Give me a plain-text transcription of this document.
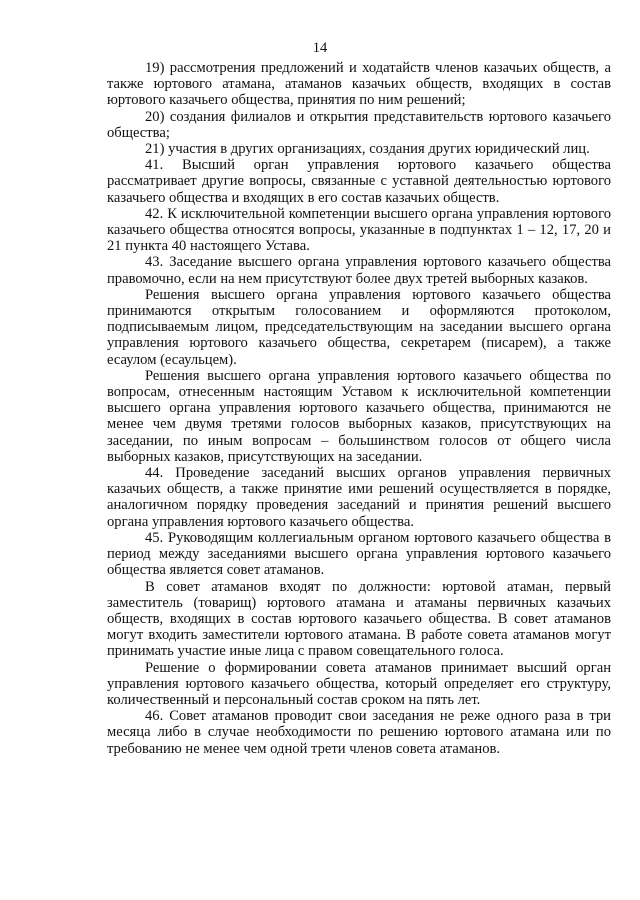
14

19) рассмотрения предложений и ходатайств членов казачьих обществ, а также юртового атамана, атаманов казачьих обществ, входящих в состав юртового казачьего общества, принятия по ним решений;

20) создания филиалов и открытия представительств юртового казачьего общества;

21) участия в других организациях, создания других юридический лиц.

41. Высший орган управления юртового казачьего общества рассматривает другие вопросы, связанные с уставной деятельностью юртового казачьего общества и входящих в его состав казачьих обществ.

42. К исключительной компетенции высшего органа управления юртового казачьего общества относятся вопросы, указанные в подпунктах 1 – 12, 17, 20 и 21 пункта 40 настоящего Устава.

43. Заседание высшего органа управления юртового казачьего общества правомочно, если на нем присутствуют более двух третей выборных казаков.

Решения высшего органа управления юртового казачьего общества принимаются открытым голосованием и оформляются протоколом, подписываемым лицом, председательствующим на заседании высшего органа управления юртового казачьего общества, секретарем (писарем), а также есаулом (есаульцем).

Решения высшего органа управления юртового казачьего общества по вопросам, отнесенным настоящим Уставом к исключительной компетенции высшего органа управления юртового казачьего общества, принимаются не менее чем двумя третями голосов выборных казаков, присутствующих на заседании, по иным вопросам – большинством голосов от общего числа выборных казаков, присутствующих на заседании.

44. Проведение заседаний высших органов управления первичных казачьих обществ, а также принятие ими решений осуществляется в порядке, аналогичном порядку проведения заседаний и принятия решений высшего органа управления юртового казачьего общества.

45. Руководящим коллегиальным органом юртового казачьего общества в период между заседаниями высшего органа управления юртового казачьего общества является совет атаманов.

В совет атаманов входят по должности: юртовой атаман, первый заместитель (товарищ) юртового атамана и атаманы первичных казачьих обществ, входящих в состав юртового казачьего общества. В совет атаманов могут входить заместители юртового атамана. В работе совета атаманов могут принимать участие иные лица с правом совещательного голоса.

Решение о формировании совета атаманов принимает высший орган управления юртового казачьего общества, который определяет его структуру, количественный и персональный состав сроком на пять лет.

46. Совет атаманов проводит свои заседания не реже одного раза в три месяца либо в случае необходимости по решению юртового атамана или по требованию не менее чем одной трети членов совета атаманов.
